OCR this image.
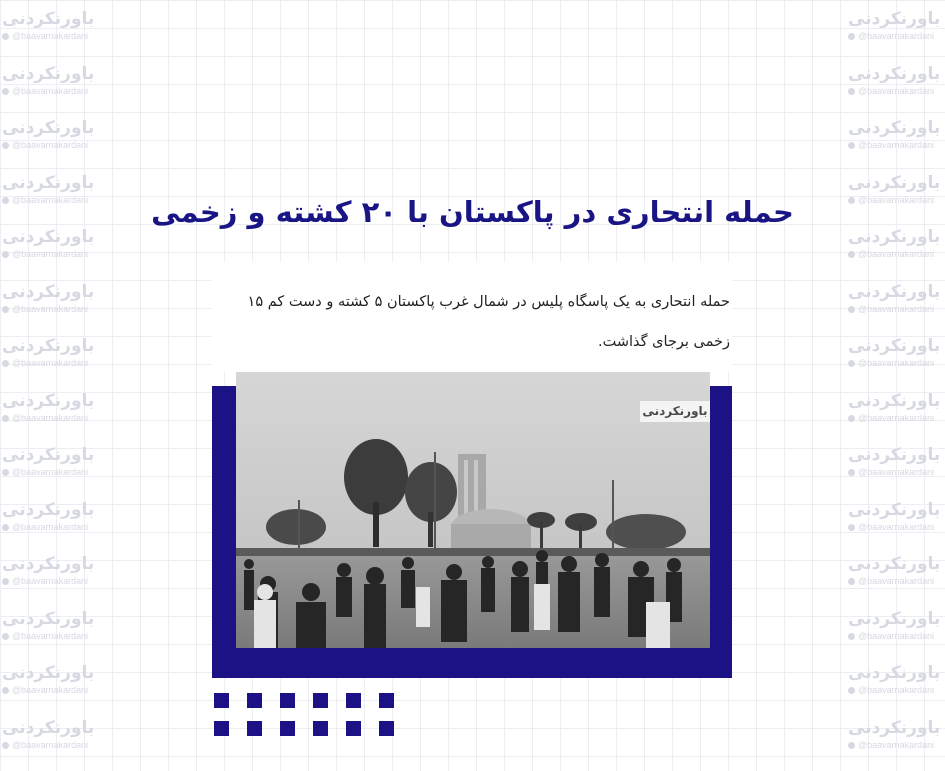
باورنکردنی
@baavarnakardani
باورنکردنی
@baavarnakardani
باورنکردنی
@baavarnakardani
باورنکردنی
@baavarnakardani
باورنکردنی
@baavarnakardani
باورنکردنی
@baavarnakardani
باورنکردنی
@baavarnakardani
باورنکردنی
@baavarnakardani
باورنکردنی
@baavarnakardani
باورنکردنی
@baavarnakardani
باورنکردنی
@baavarnakardani
باورنکردنی
@baavarnakardani
باورنکردنی
@baavarnakardani
باورنکردنی
@baavarnakardani
باورنکردنی
@baavarnakardani
باورنکردنی
@baavarnakardani
باورنکردنی
@baavarnakardani
باورنکردنی
@baavarnakardani
باورنکردنی
@baavarnakardani
باورنکردنی
@baavarnakardani
باورنکردنی
@baavarnakardani
باورنکردنی
@baavarnakardani
باورنکردنی
@baavarnakardani
باورنکردنی
@baavarnakardani
باورنکردنی
@baavarnakardani
باورنکردنی
@baavarnakardani
باورنکردنی
@baavarnakardani
باورنکردنی
@baavarnakardani
حمله انتحاری در پاکستان با ۲۰ کشته و زخمی

حمله انتحاری به یک پاسگاه پلیس در شمال غرب پاکستان ۵ کشته و دست کم ۱۵ زخمی برجای گذاشت.

باورنکردنی
